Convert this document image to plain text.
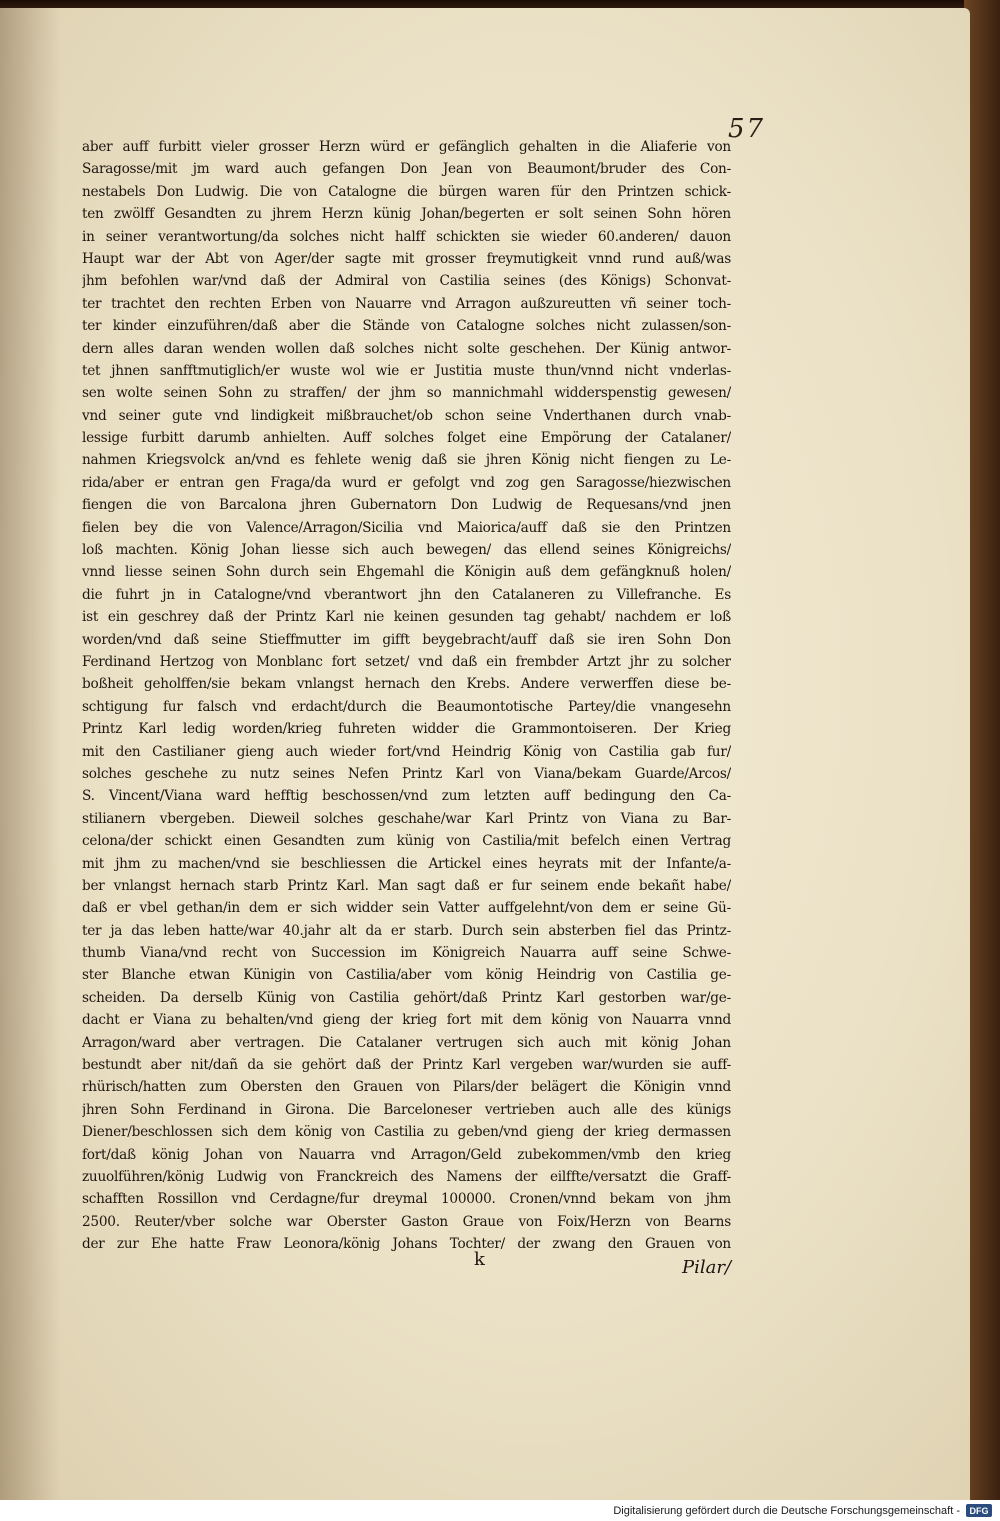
57
aber auff furbitt vieler grosser Herzn würd er gefänglich gehalten in die Aliaferie von
Saragosse/mit jm ward auch gefangen Don Jean von Beaumont/bruder des Con-
nestabels Don Ludwig. Die von Catalogne die bürgen waren für den Printzen schick-
ten zwölff Gesandten zu jhrem Herzn künig Johan/begerten er solt seinen Sohn hören
in seiner verantwortung/da solches nicht halff schickten sie wieder 60.anderen/ dauon
Haupt war der Abt von Ager/der sagte mit grosser freymutigkeit vnnd rund auß/was
jhm befohlen war/vnd daß der Admiral von Castilia seines (des Königs) Schonvat-
ter trachtet den rechten Erben von Nauarre vnd Arragon außzureutten vñ seiner toch-
ter kinder einzuführen/daß aber die Stände von Catalogne solches nicht zulassen/son-
dern alles daran wenden wollen daß solches nicht solte geschehen. Der Künig antwor-
tet jhnen sanfftmutiglich/er wuste wol wie er Justitia muste thun/vnnd nicht vnderlas-
sen wolte seinen Sohn zu straffen/ der jhm so mannichmahl widderspenstig gewesen/
vnd seiner gute vnd lindigkeit mißbrauchet/ob schon seine Vnderthanen durch vnab-
lessige furbitt darumb anhielten. Auff solches folget eine Empörung der Catalaner/
nahmen Kriegsvolck an/vnd es fehlete wenig daß sie jhren König nicht fiengen zu Le-
rida/aber er entran gen Fraga/da wurd er gefolgt vnd zog gen Saragosse/hiezwischen
fiengen die von Barcalona jhren Gubernatorn Don Ludwig de Requesans/vnd jnen
fielen bey die von Valence/Arragon/Sicilia vnd Maiorica/auff daß sie den Printzen
loß machten. König Johan liesse sich auch bewegen/ das ellend seines Königreichs/
vnnd liesse seinen Sohn durch sein Ehgemahl die Königin auß dem gefängknuß holen/
die fuhrt jn in Catalogne/vnd vberantwort jhn den Catalaneren zu Villefranche. Es
ist ein geschrey daß der Printz Karl nie keinen gesunden tag gehabt/ nachdem er loß
worden/vnd daß seine Stieffmutter im gifft beygebracht/auff daß sie iren Sohn Don
Ferdinand Hertzog von Monblanc fort setzet/ vnd daß ein frembder Artzt jhr zu solcher
boßheit geholffen/sie bekam vnlangst hernach den Krebs. Andere verwerffen diese be-
schtigung fur falsch vnd erdacht/durch die Beaumontotische Partey/die vnangesehn
Printz Karl ledig worden/krieg fuhreten widder die Grammontoiseren. Der Krieg
mit den Castilianer gieng auch wieder fort/vnd Heindrig König von Castilia gab fur/
solches geschehe zu nutz seines Nefen Printz Karl von Viana/bekam Guarde/Arcos/
S. Vincent/Viana ward hefftig beschossen/vnd zum letzten auff bedingung den Ca-
stilianern vbergeben. Dieweil solches geschahe/war Karl Printz von Viana zu Bar-
celona/der schickt einen Gesandten zum künig von Castilia/mit befelch einen Vertrag
mit jhm zu machen/vnd sie beschliessen die Artickel eines heyrats mit der Infante/a-
ber vnlangst hernach starb Printz Karl. Man sagt daß er fur seinem ende bekañt habe/
daß er vbel gethan/in dem er sich widder sein Vatter auffgelehnt/von dem er seine Gü-
ter ja das leben hatte/war 40.jahr alt da er starb. Durch sein absterben fiel das Printz-
thumb Viana/vnd recht von Succession im Königreich Nauarra auff seine Schwe-
ster Blanche etwan Künigin von Castilia/aber vom könig Heindrig von Castilia ge-
scheiden. Da derselb Künig von Castilia gehört/daß Printz Karl gestorben war/ge-
dacht er Viana zu behalten/vnd gieng der krieg fort mit dem könig von Nauarra vnnd
Arragon/ward aber vertragen. Die Catalaner vertrugen sich auch mit könig Johan
bestundt aber nit/dañ da sie gehört daß der Printz Karl vergeben war/wurden sie auff-
rhürisch/hatten zum Obersten den Grauen von Pilars/der belägert die Königin vnnd
jhren Sohn Ferdinand in Girona. Die Barceloneser vertrieben auch alle des künigs
Diener/beschlossen sich dem könig von Castilia zu geben/vnd gieng der krieg dermassen
fort/daß könig Johan von Nauarra vnd Arragon/Geld zubekommen/vmb den krieg
zuuolführen/könig Ludwig von Franckreich des Namens der eilffte/versatzt die Graff-
schafften Rossillon vnd Cerdagne/fur dreymal 100000. Cronen/vnnd bekam von jhm
2500. Reuter/vber solche war Oberster Gaston Graue von Foix/Herzn von Bearns
der zur Ehe hatte Fraw Leonora/könig Johans Tochter/ der zwang den Grauen von
k	Pilar/
Digitalisierung gefördert durch die Deutsche Forschungsgemeinschaft -	DFG
